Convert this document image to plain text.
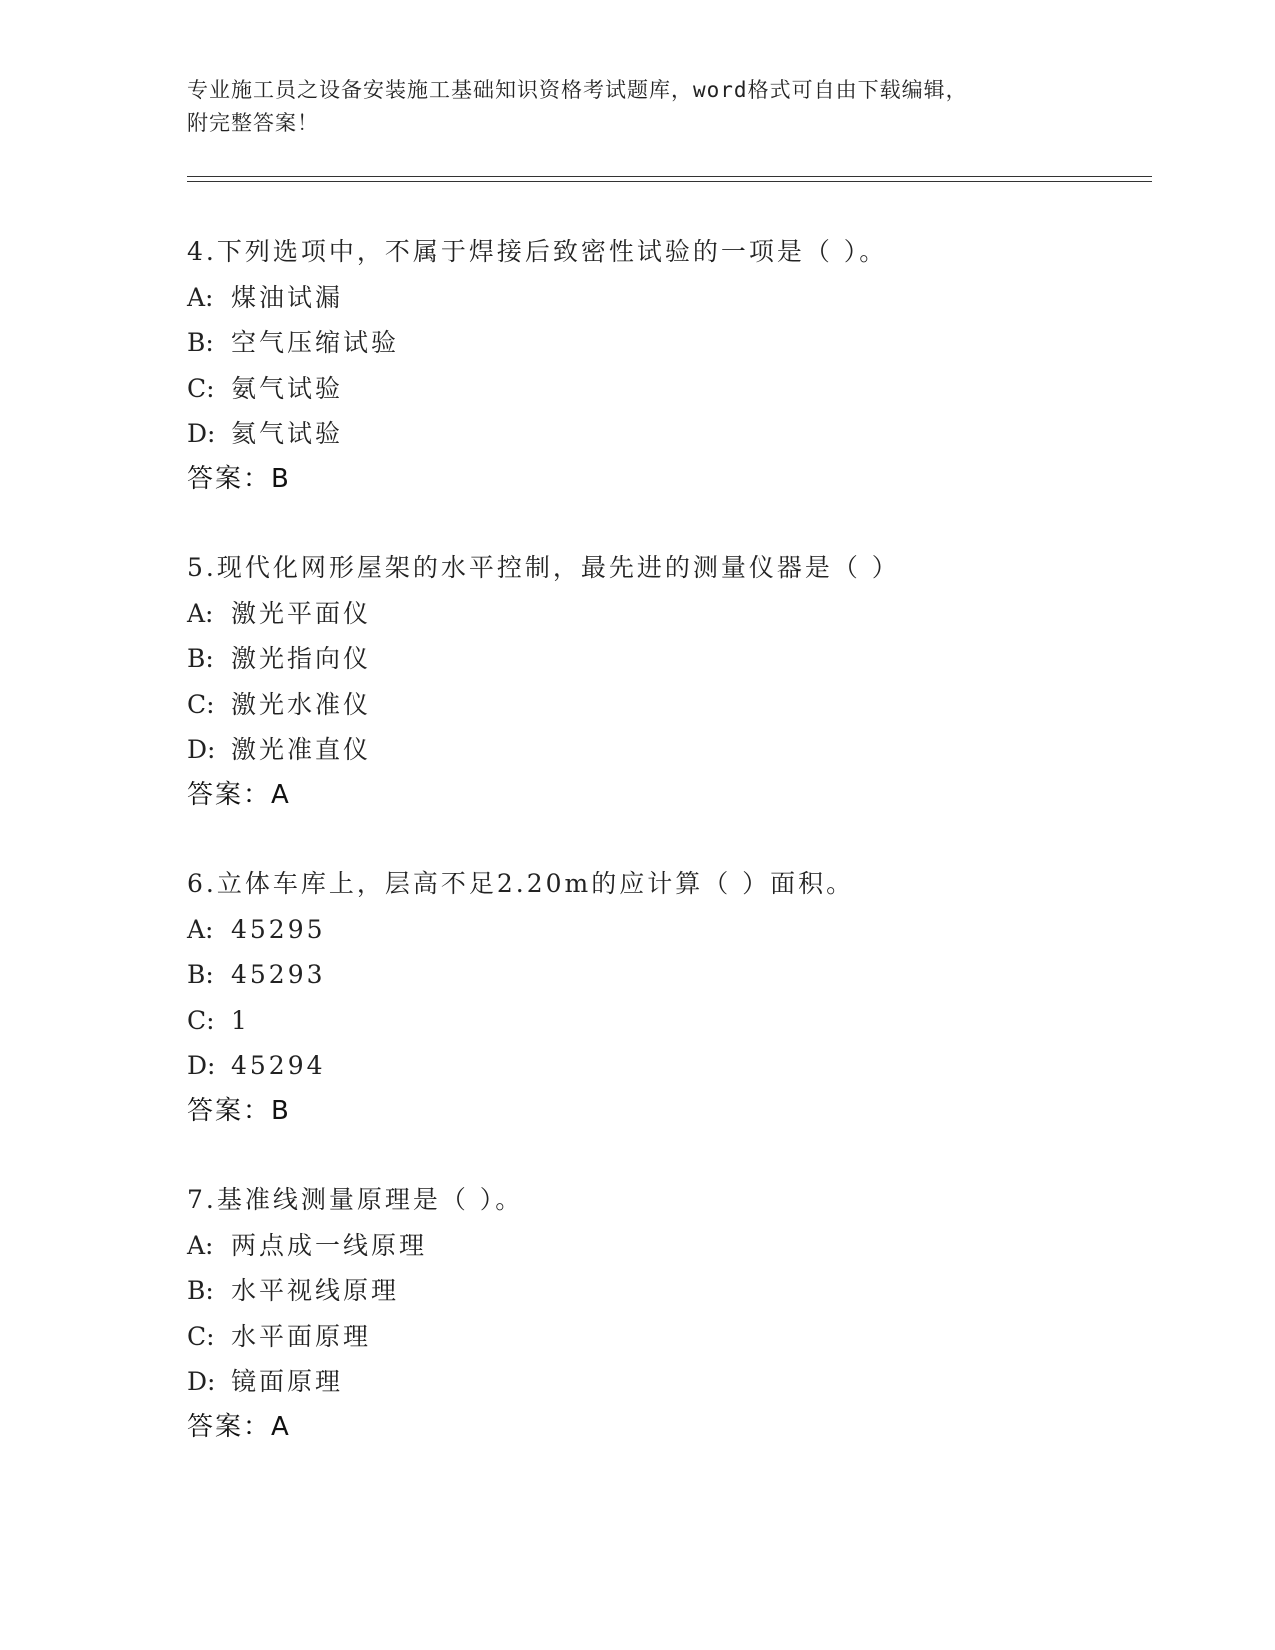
专业施工员之设备安装施工基础知识资格考试题库，word格式可自由下载编辑，
附完整答案！
4.下列选项中，不属于焊接后致密性试验的一项是（ ）。
A: 煤油试漏
B: 空气压缩试验
C: 氨气试验
D: 氦气试验
答案：B
5.现代化网形屋架的水平控制，最先进的测量仪器是（ ）
A: 激光平面仪
B: 激光指向仪
C: 激光水准仪
D: 激光准直仪
答案：A
6.立体车库上，层高不足2.20m的应计算（ ）面积。
A: 45295
B: 45293
C: 1
D: 45294
答案：B
7.基准线测量原理是（ ）。
A: 两点成一线原理
B: 水平视线原理
C: 水平面原理
D: 镜面原理
答案：A
